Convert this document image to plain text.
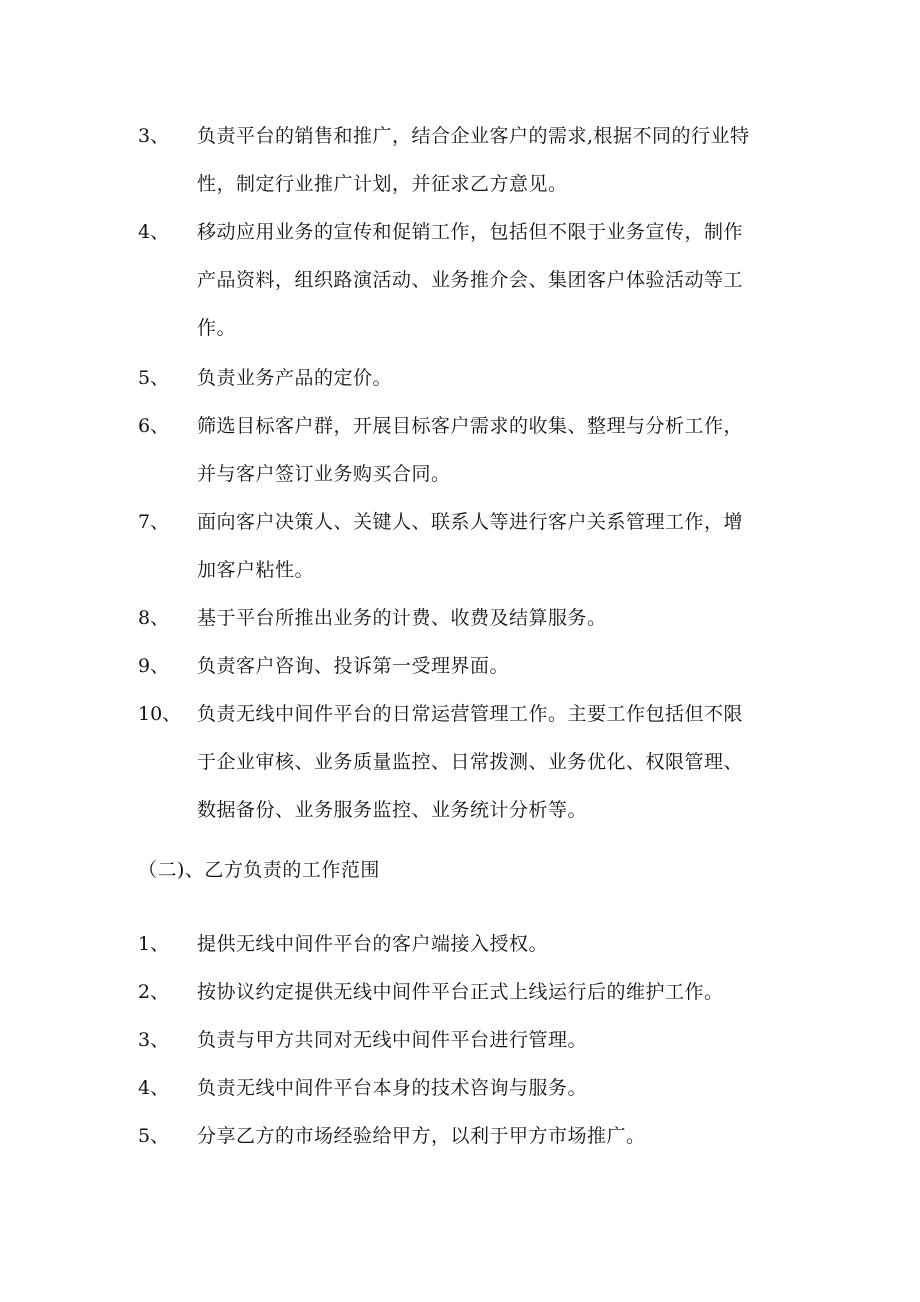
3、 负责平台的销售和推广，结合企业客户的需求,根据不同的行业特
性，制定行业推广计划，并征求乙方意见。
4、 移动应用业务的宣传和促销工作，包括但不限于业务宣传，制作
产品资料，组织路演活动、业务推介会、集团客户体验活动等工
作。
5、 负责业务产品的定价。
6、 筛选目标客户群，开展目标客户需求的收集、整理与分析工作，
并与客户签订业务购买合同。
7、 面向客户决策人、关键人、联系人等进行客户关系管理工作，增
加客户粘性。
8、 基于平台所推出业务的计费、收费及结算服务。
9、 负责客户咨询、投诉第一受理界面。
10、 负责无线中间件平台的日常运营管理工作。主要工作包括但不限
于企业审核、业务质量监控、日常拨测、业务优化、权限管理、
数据备份、业务服务监控、业务统计分析等。
（二)、乙方负责的工作范围
1、 提供无线中间件平台的客户端接入授权。
2、 按协议约定提供无线中间件平台正式上线运行后的维护工作。
3、 负责与甲方共同对无线中间件平台进行管理。
4、 负责无线中间件平台本身的技术咨询与服务。
5、 分享乙方的市场经验给甲方，以利于甲方市场推广。
